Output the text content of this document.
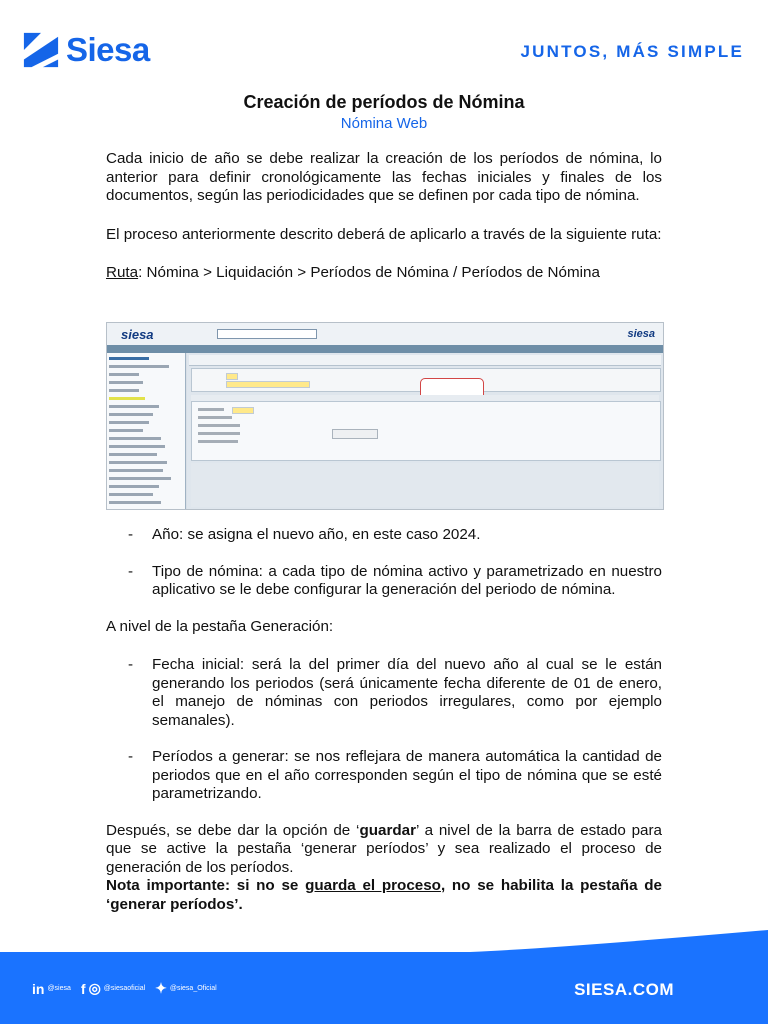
Siesa	JUNTOS, MÁS SIMPLE
Creación de períodos de Nómina
Nómina Web

Cada inicio de año se debe realizar la creación de los períodos de nómina, lo anterior para definir cronológicamente las fechas iniciales y finales de los documentos, según las periodicidades que se definen por cada tipo de nómina.

El proceso anteriormente descrito deberá de aplicarlo a través de la siguiente ruta:

Ruta: Nómina > Liquidación > Períodos de Nómina / Períodos de Nómina

siesa	siesa
-	Año: se asigna el nuevo año, en este caso 2024.
-	Tipo de nómina: a cada tipo de nómina activo y parametrizado en nuestro aplicativo se le debe configurar la generación del periodo de nómina.
A nivel de la pestaña Generación:
-	Fecha inicial: será la del primer día del nuevo año al cual se le están generando los periodos (será únicamente fecha diferente de 01 de enero, el manejo de nóminas con periodos irregulares, como por ejemplo semanales).
-	Períodos a generar: se nos reflejara de manera automática la cantidad de periodos que en el año corresponden según el tipo de nómina que se esté parametrizando.

Después, se debe dar la opción de ‘guardar’ a nivel de la barra de estado para que se active la pestaña ‘generar períodos’ y sea realizado el proceso de generación de los períodos.

Nota importante: si no se guarda el proceso, no se habilita la pestaña de ‘generar períodos’.
in @siesa f ◎ @siesaoficial ✦ @siesa_Oficial	SIESA.COM
